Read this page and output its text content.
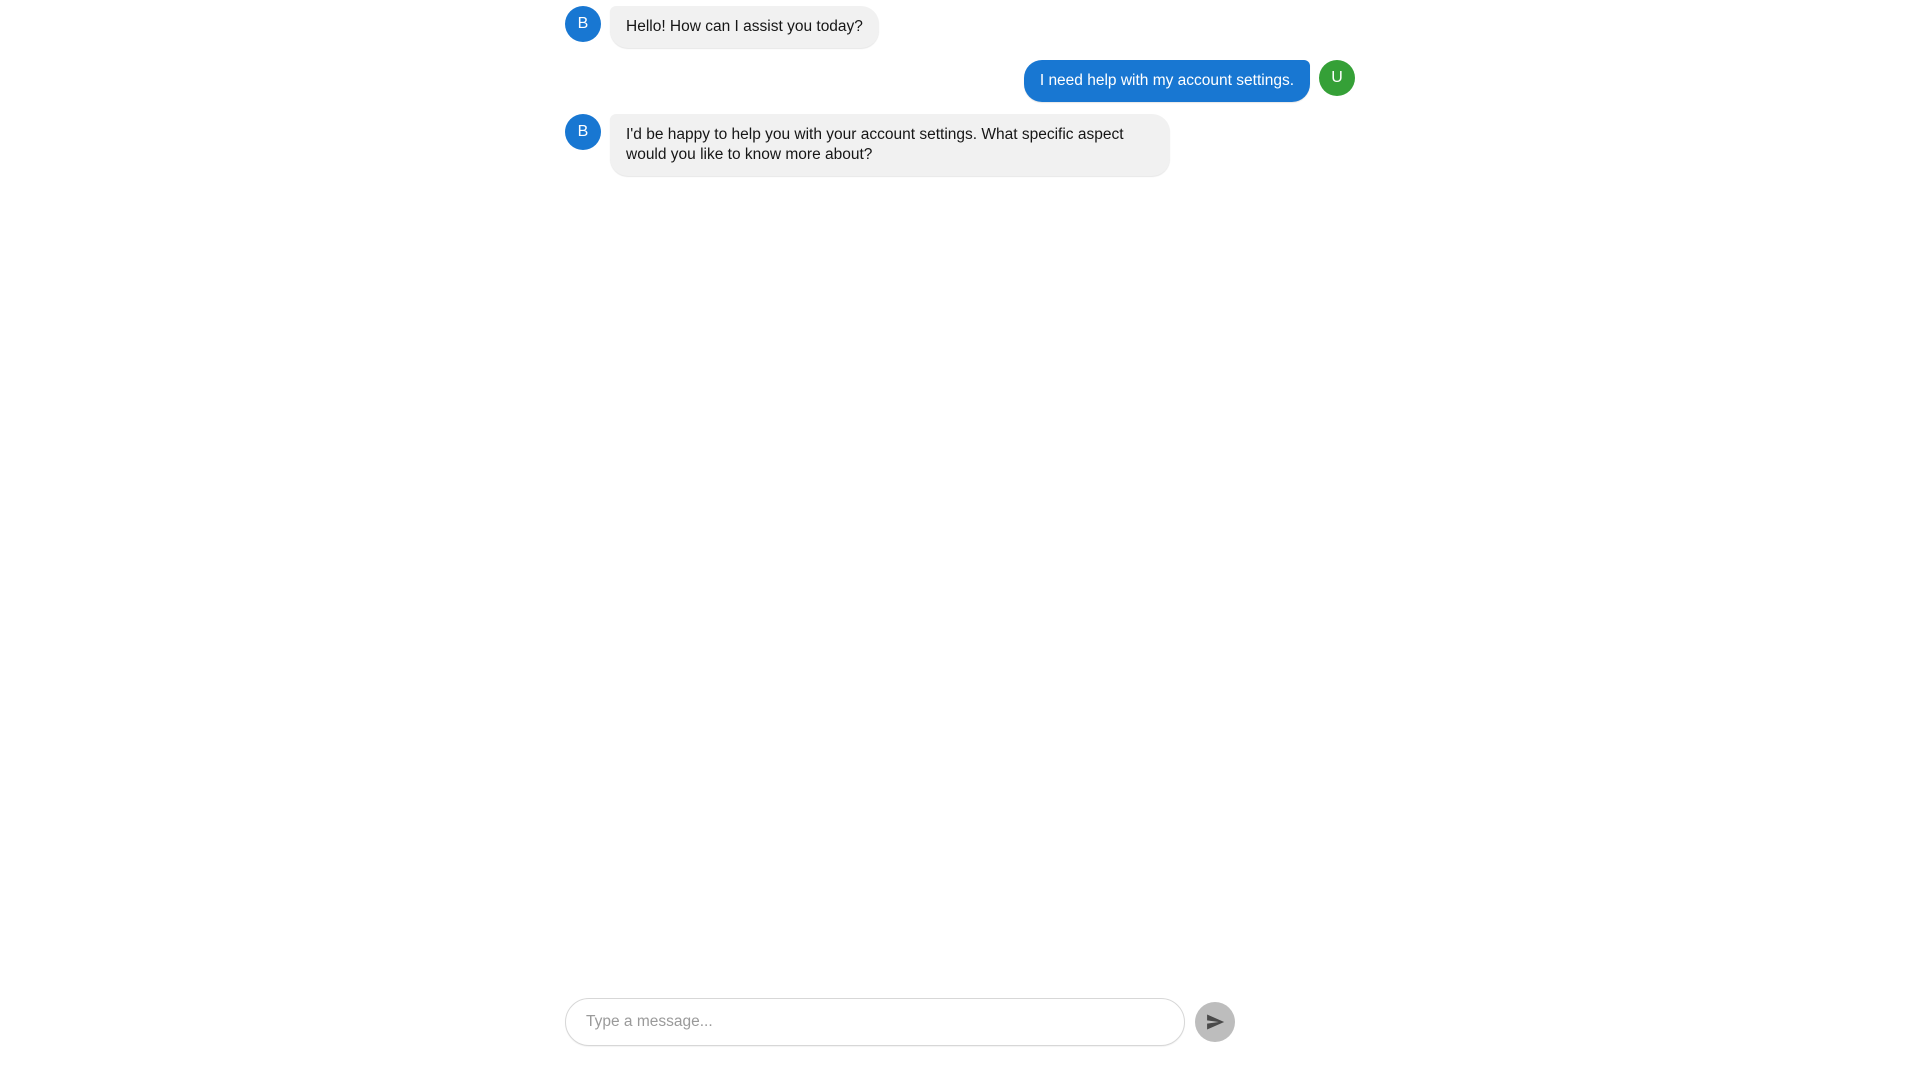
B	Hello! How can I assist you today?
I need help with my account settings.	U
B	I'd be happy to help you with your account settings. What specific aspect would you like to know more about?
Type a message...
